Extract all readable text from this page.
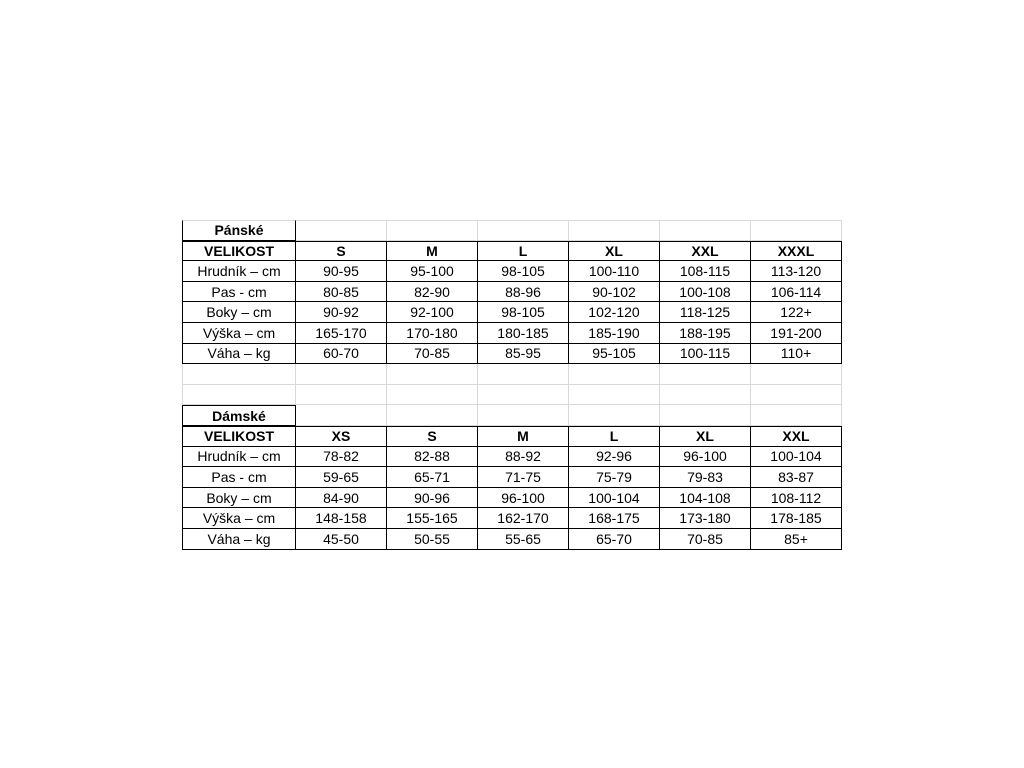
Pánské
VELIKOST	S	M	L	XL	XXL	XXXL
Hrudník – cm	90-95	95-100	98-105	100-110	108-115	113-120
Pas - cm	80-85	82-90	88-96	90-102	100-108	106-114
Boky – cm	90-92	92-100	98-105	102-120	118-125	122+
Výška – cm	165-170	170-180	180-185	185-190	188-195	191-200
Váha – kg	60-70	70-85	85-95	95-105	100-115	110+
Dámské
VELIKOST	XS	S	M	L	XL	XXL
Hrudník – cm	78-82	82-88	88-92	92-96	96-100	100-104
Pas - cm	59-65	65-71	71-75	75-79	79-83	83-87
Boky – cm	84-90	90-96	96-100	100-104	104-108	108-112
Výška – cm	148-158	155-165	162-170	168-175	173-180	178-185
Váha – kg	45-50	50-55	55-65	65-70	70-85	85+
